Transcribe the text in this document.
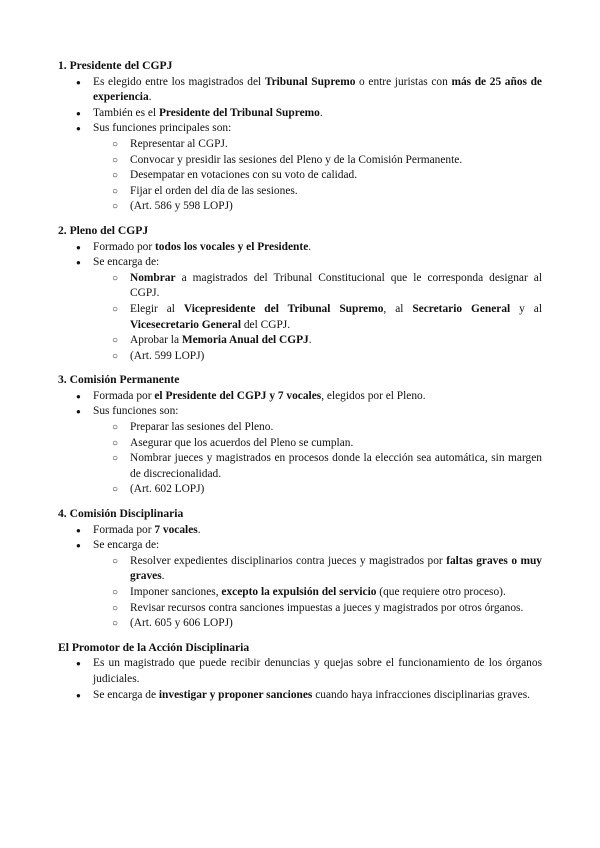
1. Presidente del CGPJ
● Es elegido entre los magistrados del Tribunal Supremo o entre juristas con más de 25 años de experiencia.
● También es el Presidente del Tribunal Supremo.
● Sus funciones principales son:
○ Representar al CGPJ.
○ Convocar y presidir las sesiones del Pleno y de la Comisión Permanente.
○ Desempatar en votaciones con su voto de calidad.
○ Fijar el orden del día de las sesiones.
○ (Art. 586 y 598 LOPJ)
2. Pleno del CGPJ
● Formado por todos los vocales y el Presidente.
● Se encarga de:
○ Nombrar a magistrados del Tribunal Constitucional que le corresponda designar al CGPJ.
○ Elegir al Vicepresidente del Tribunal Supremo, al Secretario General y al Vicesecretario General del CGPJ.
○ Aprobar la Memoria Anual del CGPJ.
○ (Art. 599 LOPJ)
3. Comisión Permanente
● Formada por el Presidente del CGPJ y 7 vocales, elegidos por el Pleno.
● Sus funciones son:
○ Preparar las sesiones del Pleno.
○ Asegurar que los acuerdos del Pleno se cumplan.
○ Nombrar jueces y magistrados en procesos donde la elección sea automática, sin margen de discrecionalidad.
○ (Art. 602 LOPJ)
4. Comisión Disciplinaria
● Formada por 7 vocales.
● Se encarga de:
○ Resolver expedientes disciplinarios contra jueces y magistrados por faltas graves o muy graves.
○ Imponer sanciones, excepto la expulsión del servicio (que requiere otro proceso).
○ Revisar recursos contra sanciones impuestas a jueces y magistrados por otros órganos.
○ (Art. 605 y 606 LOPJ)
El Promotor de la Acción Disciplinaria
● Es un magistrado que puede recibir denuncias y quejas sobre el funcionamiento de los órganos judiciales.
● Se encarga de investigar y proponer sanciones cuando haya infracciones disciplinarias graves.
